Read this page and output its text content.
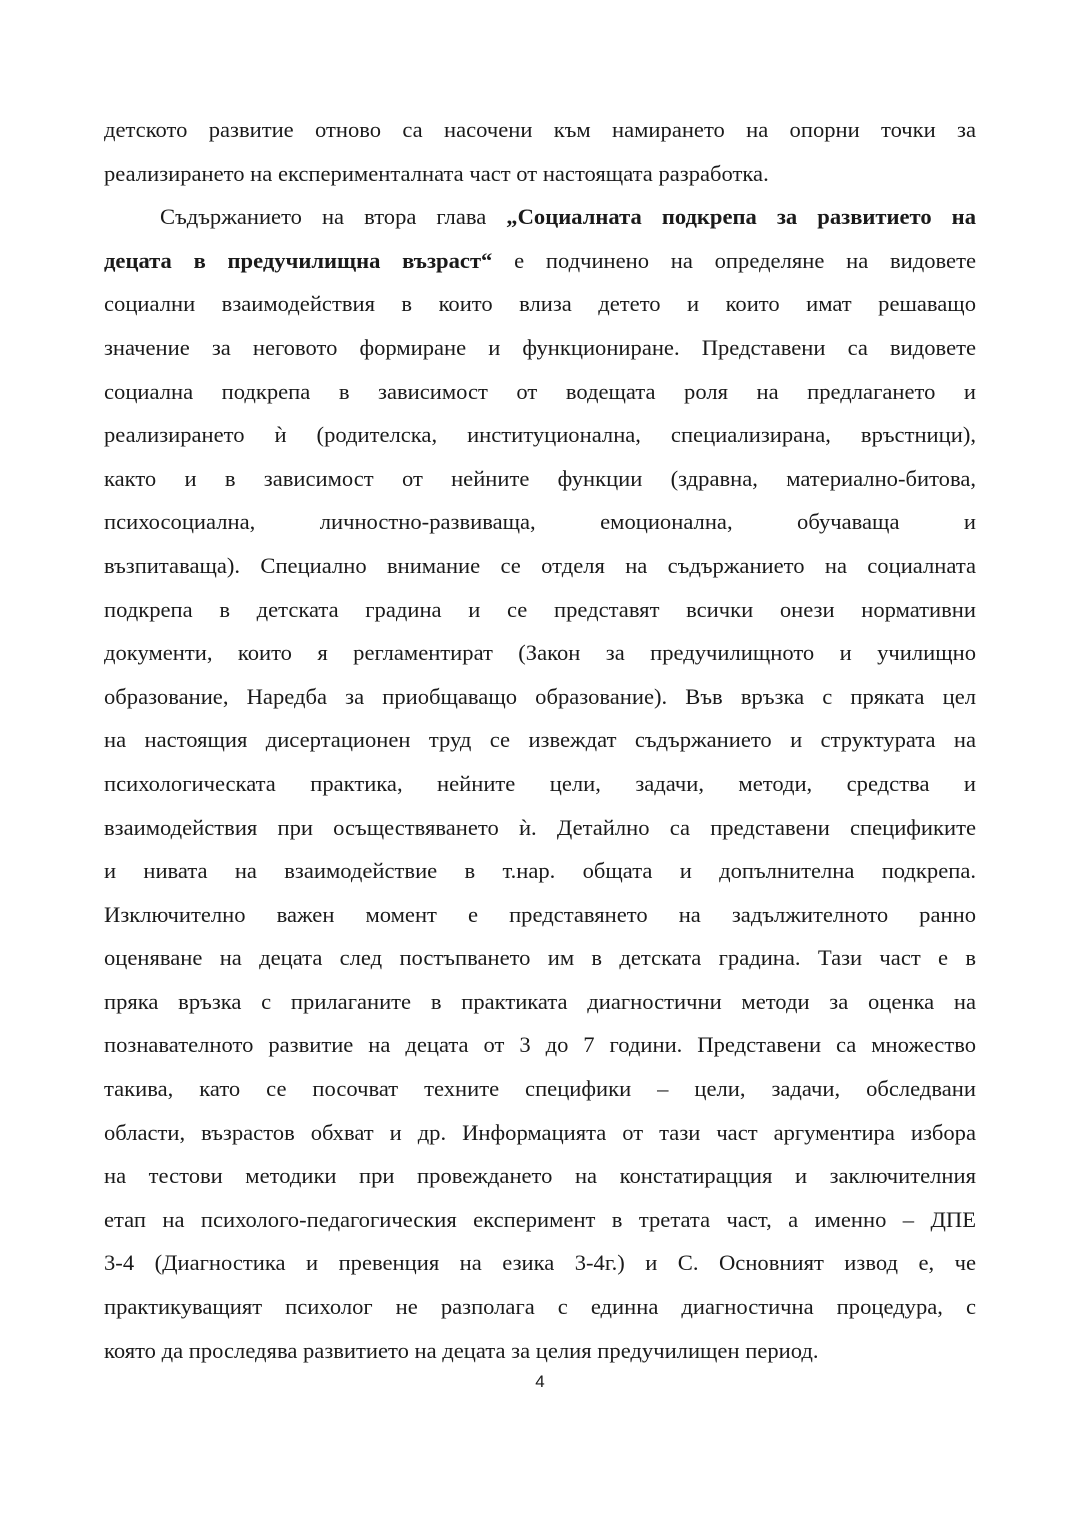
детското развитие отново са насочени към намирането на опорни точки за
реализирането на експерименталната част от настоящата разработка.
Съдържанието на втора глава „Социалната подкрепа за развитието на
децата в предучилищна възраст“ е подчинено на определяне на видовете
социални взаимодействия в които влиза детето и които имат решаващо
значение за неговото формиране и функциониране. Представени са видовете
социална подкрепа в зависимост от водещата роля на предлагането и
реализирането ѝ (родителска, институционална, специализирана, връстници),
както и в зависимост от нейните функции (здравна, материално-битова,
психосоциална, личностно-развиваща, емоционална, обучаваща и
възпитаваща). Специално внимание се отделя на съдържанието на социалната
подкрепа в детската градина и се представят всички онези нормативни
документи, които я регламентират (Закон за предучилищното и училищно
образование, Наредба за приобщаващо образование). Във връзка с пряката цел
на настоящия дисертационен труд се извеждат съдържанието и структурата на
психологическата практика, нейните цели, задачи, методи, средства и
взаимодействия при осъществяването ѝ. Детайлно са представени спецификите
и нивата на взаимодействие в т.нар. общата и допълнителна подкрепа.
Изключително важен момент е представянето на задължителното ранно
оценяване на децата след постъпването им в детската градина. Тази част е в
пряка връзка с прилаганите в практиката диагностични методи за оценка на
познавателното развитие на децата от 3 до 7 години. Представени са множество
такива, като се посочват техните специфики – цели, задачи, обследвани
области, възрастов обхват и др. Информацията от тази част аргументира избора
на тестови методики при провеждането на констатирацция и заключителния
етап на психолого-педагогическия експеримент в третата част, а именно – ДПЕ
3-4 (Диагностика и превенция на езика 3-4г.) и С. Основният извод е, че
практикуващият психолог не разполага с единна диагностична процедура, с
която да проследява развитието на децата за целия предучилищен период.
4
